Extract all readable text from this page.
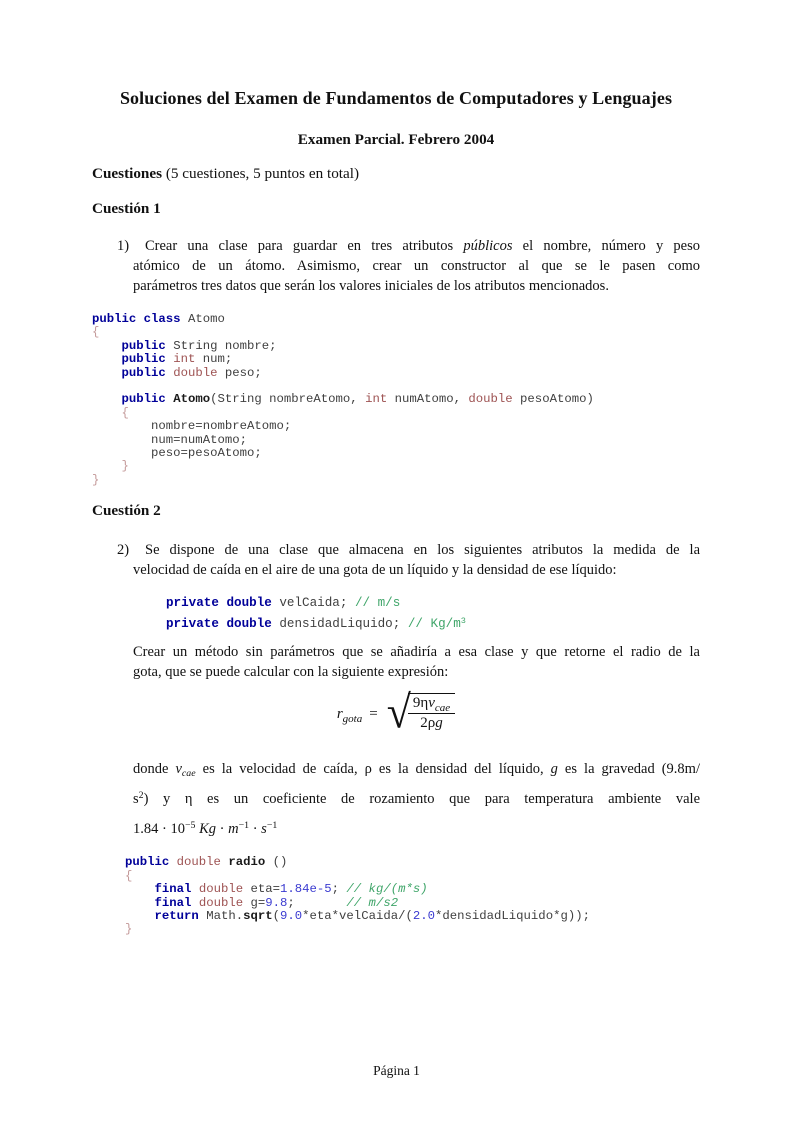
Soluciones del Examen de Fundamentos de Computadores y Lenguajes
Examen Parcial. Febrero 2004
Cuestiones (5 cuestiones, 5 puntos en total)
Cuestión 1
1)	Crear una clase para guardar en tres atributos públicos el nombre, número y peso
atómico de un átomo. Asimismo, crear un constructor al que se le pasen como
parámetros tres datos que serán los valores iniciales de los atributos mencionados.
public class Atomo
{
public String nombre;
public int num;
public double peso;

public Atomo(String nombreAtomo, int numAtomo, double pesoAtomo)
{
nombre=nombreAtomo;
num=numAtomo;
peso=pesoAtomo;
}
}
Cuestión 2
2)	Se dispone de una clase que almacena en los siguientes atributos la medida de la
velocidad de caída en el aire de una gota de un líquido y la densidad de ese líquido:
private double velCaida; // m/s
private double densidadLiquido; // $Kg/m^3$
Crear un método sin parámetros que se añadiría a esa clase y que retorne el radio de la
gota, que se puede calcular con la siguiente expresión:
$r_{gota}$ = √
$\frac{9\eta v_{cae}}{2\rho g}$
donde vcae es la velocidad de caída, ρ es la densidad del líquido, g es la gravedad (9.8m/
$s^2$) y η es un coeficiente de rozamiento que para temperatura ambiente vale
$1.84 \cdot 10^{-5}$ $Kg \cdot m^{-1} \cdot s^{-1}$
public double radio ()
{
final double eta=1.84e-5; // kg/(m*s)
final double g=9.8;       // m/s2
return Math.sqrt(9.0*eta*velCaida/(2.0*densidadLiquido*g));
}
Página 1
